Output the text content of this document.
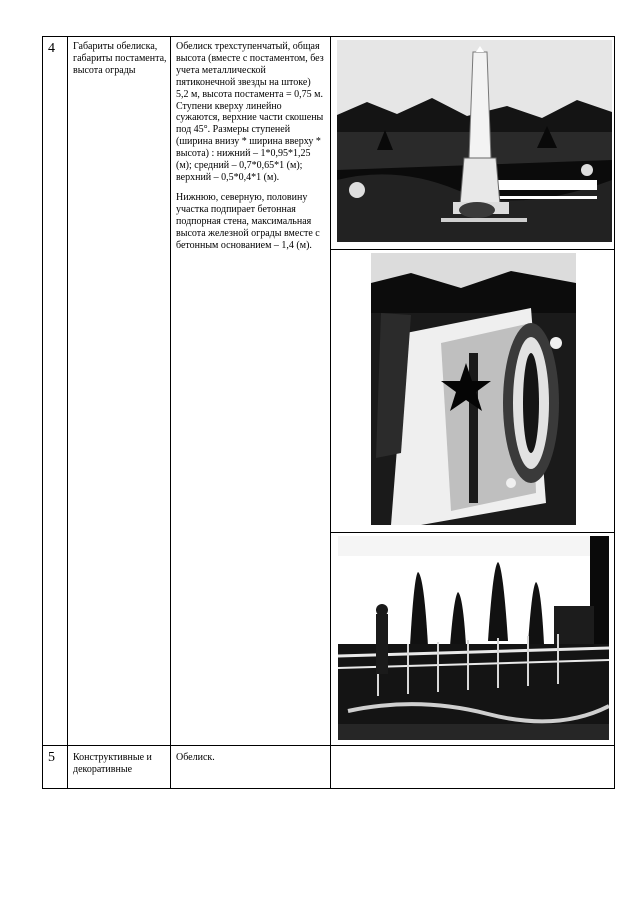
4 Габариты обелиска, габариты постамента, высота ограды

Обелиск трехступенчатый, общая высота (вместе с постаментом, без учета металлической пятиконечной звезды на штоке) 5,2 м, высота постамента = 0,75 м. Ступени кверху линейно сужаются, верхние части скошены под 45°. Размеры ступеней (ширина внизу * ширина вверху * высота) : нижний – 1*0,95*1,25 (м); средний – 0,7*0,65*1 (м); верхний – 0,5*0,4*1 (м).

Нижнюю, северную, половину участка подпирает бетонная подпорная стена, максимальная высота железной ограды вместе с бетонным основанием – 1,4 (м).

5 Конструктивные и декоративные
Обелиск.
